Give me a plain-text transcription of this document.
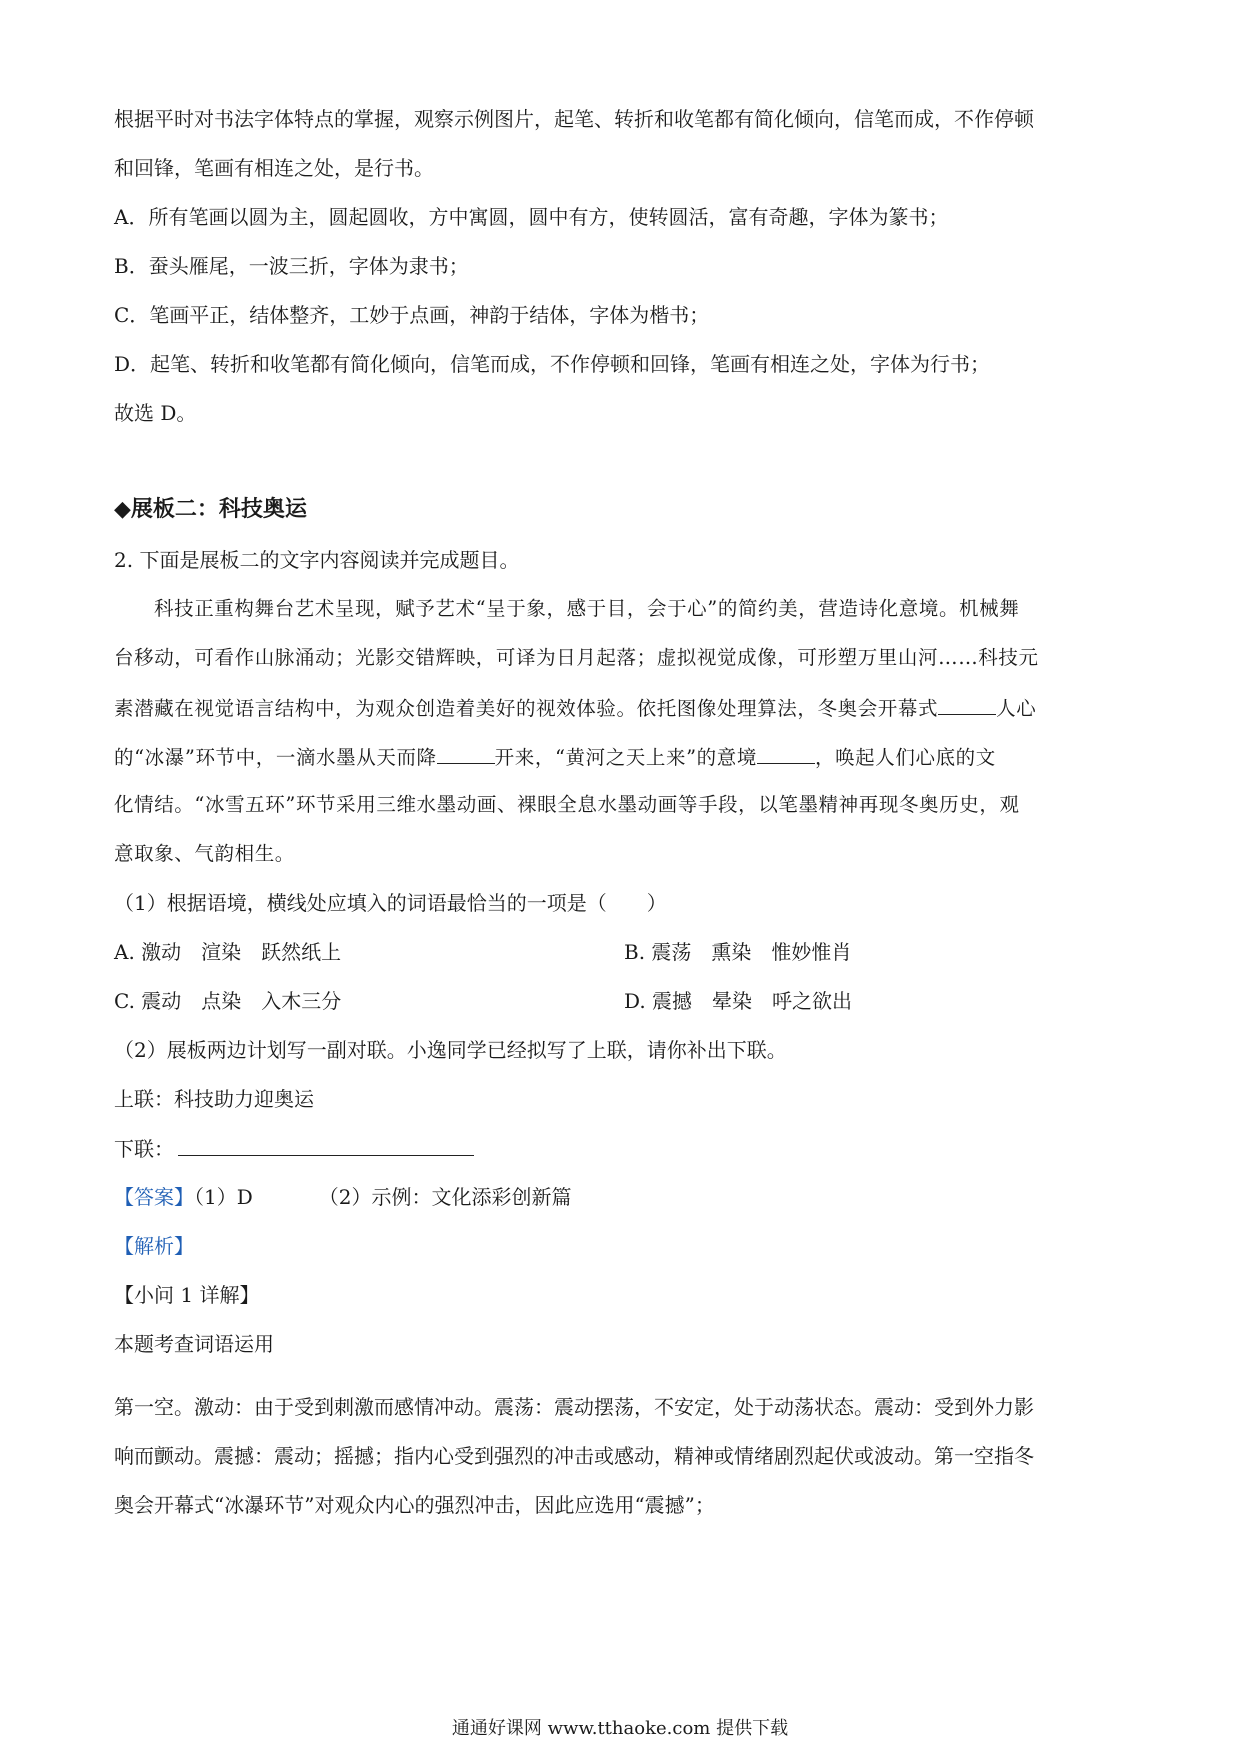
根据平时对书法字体特点的掌握，观察示例图片，起笔、转折和收笔都有简化倾向，信笔而成，不作停顿
和回锋，笔画有相连之处，是行书。
A．所有笔画以圆为主，圆起圆收，方中寓圆，圆中有方，使转圆活，富有奇趣，字体为篆书；
B．蚕头雁尾，一波三折，字体为隶书；
C．笔画平正，结体整齐，工妙于点画，神韵于结体，字体为楷书；
D．起笔、转折和收笔都有简化倾向，信笔而成，不作停顿和回锋，笔画有相连之处，字体为行书；
故选 D。
◆展板二：科技奥运
2. 下面是展板二的文字内容阅读并完成题目。
科技正重构舞台艺术呈现，赋予艺术“呈于象，感于目，会于心”的简约美，营造诗化意境。机械舞
台移动，可看作山脉涌动；光影交错辉映，可译为日月起落；虚拟视觉成像，可形塑万里山河……科技元
素潜藏在视觉语言结构中，为观众创造着美好的视效体验。依托图像处理算法，冬奥会开幕式	人心
的“冰瀑”环节中，一滴水墨从天而降	开来，“黄河之天上来”的意境	，唤起人们心底的文
化情结。“冰雪五环”环节采用三维水墨动画、裸眼全息水墨动画等手段，以笔墨精神再现冬奥历史，观
意取象、气韵相生。
（1）根据语境，横线处应填入的词语最恰当的一项是（　　）
A. 激动　渲染　跃然纸上	B. 震荡　熏染　惟妙惟肖
C. 震动　点染　入木三分	D. 震撼　晕染　呼之欲出
（2）展板两边计划写一副对联。小逸同学已经拟写了上联，请你补出下联。
上联：科技助力迎奥运
下联：
【答案】（1）D	（2）示例：文化添彩创新篇
【解析】
【小问 1 详解】
本题考查词语运用
第一空。激动：由于受到刺激而感情冲动。震荡：震动摆荡，不安定，处于动荡状态。震动：受到外力影
响而颤动。震撼：震动；摇撼；指内心受到强烈的冲击或感动，精神或情绪剧烈起伏或波动。第一空指冬
奥会开幕式“冰瀑环节”对观众内心的强烈冲击，因此应选用“震撼”；
通通好课网 www.tthaoke.com 提供下载
